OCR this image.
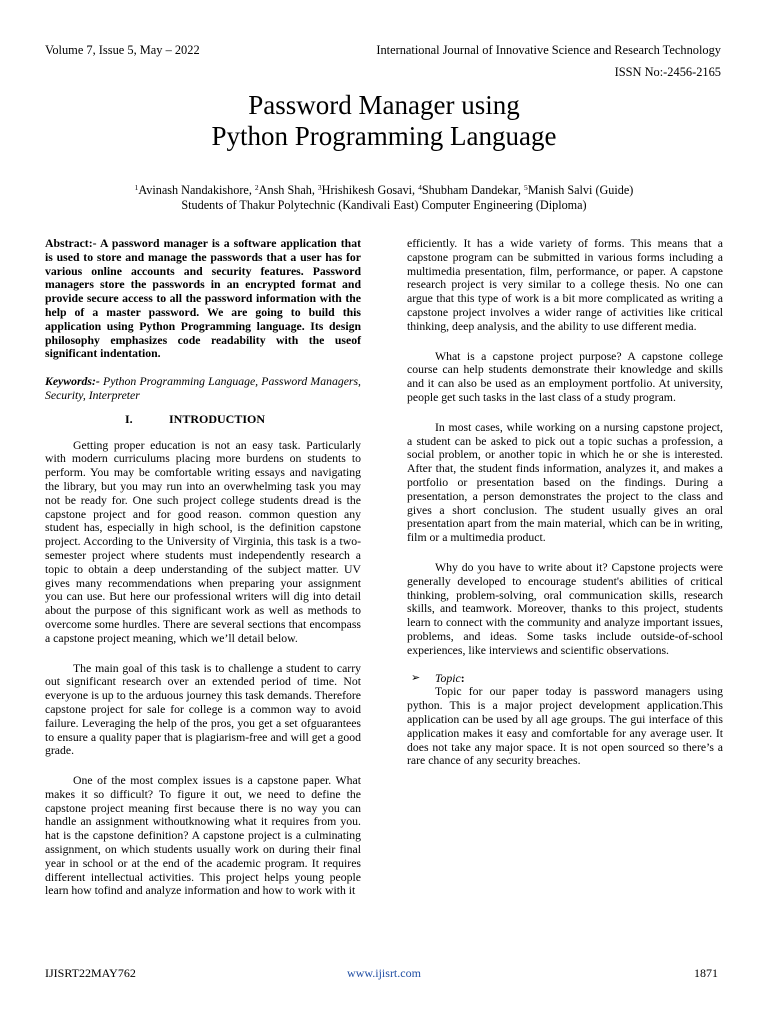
Volume 7, Issue 5, May – 2022	International Journal of Innovative Science and Research Technology
ISSN No:-2456-2165
Password Manager using
Python Programming Language
$^1$Avinash Nandakishore, $^2$Ansh Shah, $^3$Hrishikesh Gosavi, $^4$Shubham Dandekar, $^5$Manish Salvi (Guide)
Students of Thakur Polytechnic (Kandivali East) Computer Engineering (Diploma)

Abstract:- A password manager is a software application that is used to store and manage the passwords that a user has for various online accounts and security features. Password managers store the passwords in an encrypted format and provide secure access to all the password information with the help of a master password. We are going to build this application using Python Programming language. Its design philosophy emphasizes code readability with the useof significant indentation.

Keywords:- Python Programming Language, Password Managers, Security, Interpreter

I.	INTRODUCTION

Getting proper education is not an easy task. Particularly with modern curriculums placing more burdens on students to perform. You may be comfortable writing essays and navigating the library, but you may run into an overwhelming task you may not be ready for. One such project college students dread is the capstone project and for good reason. common question any student has, especially in high school, is the definition capstone project. According to the University of Virginia, this task is a two-semester project where students must independently research a topic to obtain a deep understanding of the subject matter. UV gives many recommendations when preparing your assignment you can use. But here our professional writers will dig into detail about the purpose of this significant work as well as methods to overcome some hurdles. There are several sections that encompass a capstone project meaning, which we’ll detail below.

The main goal of this task is to challenge a student to carry out significant research over an extended period of time. Not everyone is up to the arduous journey this task demands. Therefore capstone project for sale for college is a common way to avoid failure. Leveraging the help of the pros, you get a set ofguarantees to ensure a quality paper that is plagiarism-free and will get a good grade.

One of the most complex issues is a capstone paper. What makes it so difficult? To figure it out, we need to define the capstone project meaning first because there is no way you can handle an assignment withoutknowing what it requires from you. hat is the capstone definition? A capstone project is a culminating assignment, on which students usually work on during their final year in school or at the end of the academic program. It requires different intellectual activities. This project helps young people learn how tofind and analyze information and how to work with it

efficiently. It has a wide variety of forms. This means that a capstone program can be submitted in various forms including a multimedia presentation, film, performance, or paper. A capstone research project is very similar to a college thesis. No one can argue that this type of work is a bit more complicated as writing a capstone project involves a wider range of activities like critical thinking, deep analysis, and the ability to use different media.

What is a capstone project purpose? A capstone college course can help students demonstrate their knowledge and skills and it can also be used as an employment portfolio. At university, people get such tasks in the last class of a study program.

In most cases, while working on a nursing capstone project, a student can be asked to pick out a topic suchas a profession, a social problem, or another topic in which he or she is interested. After that, the student finds information, analyzes it, and makes a portfolio or presentation based on the findings. During a presentation, a person demonstrates the project to the class and gives a short conclusion. The student usually gives an oral presentation apart from the main material, which can be in writing, film or a multimedia product.

Why do you have to write about it? Capstone projects were generally developed to encourage student's abilities of critical thinking, problem-solving, oral communication skills, research skills, and teamwork. Moreover, thanks to this project, students learn to connect with the community and analyze important issues, problems, and ideas. Some tasks include outside-of-school experiences, like interviews and scientific observations.

➢	Topic :

Topic for our paper today is password managers using python. This is a major project development application.This application can be used by all age groups. The gui interface of this application makes it easy and comfortable for any average user. It does not take any major space. It is not open sourced so there’s a rare chance of any security breaches.

IJISRT22MAY762	www.ijisrt.com	1871
